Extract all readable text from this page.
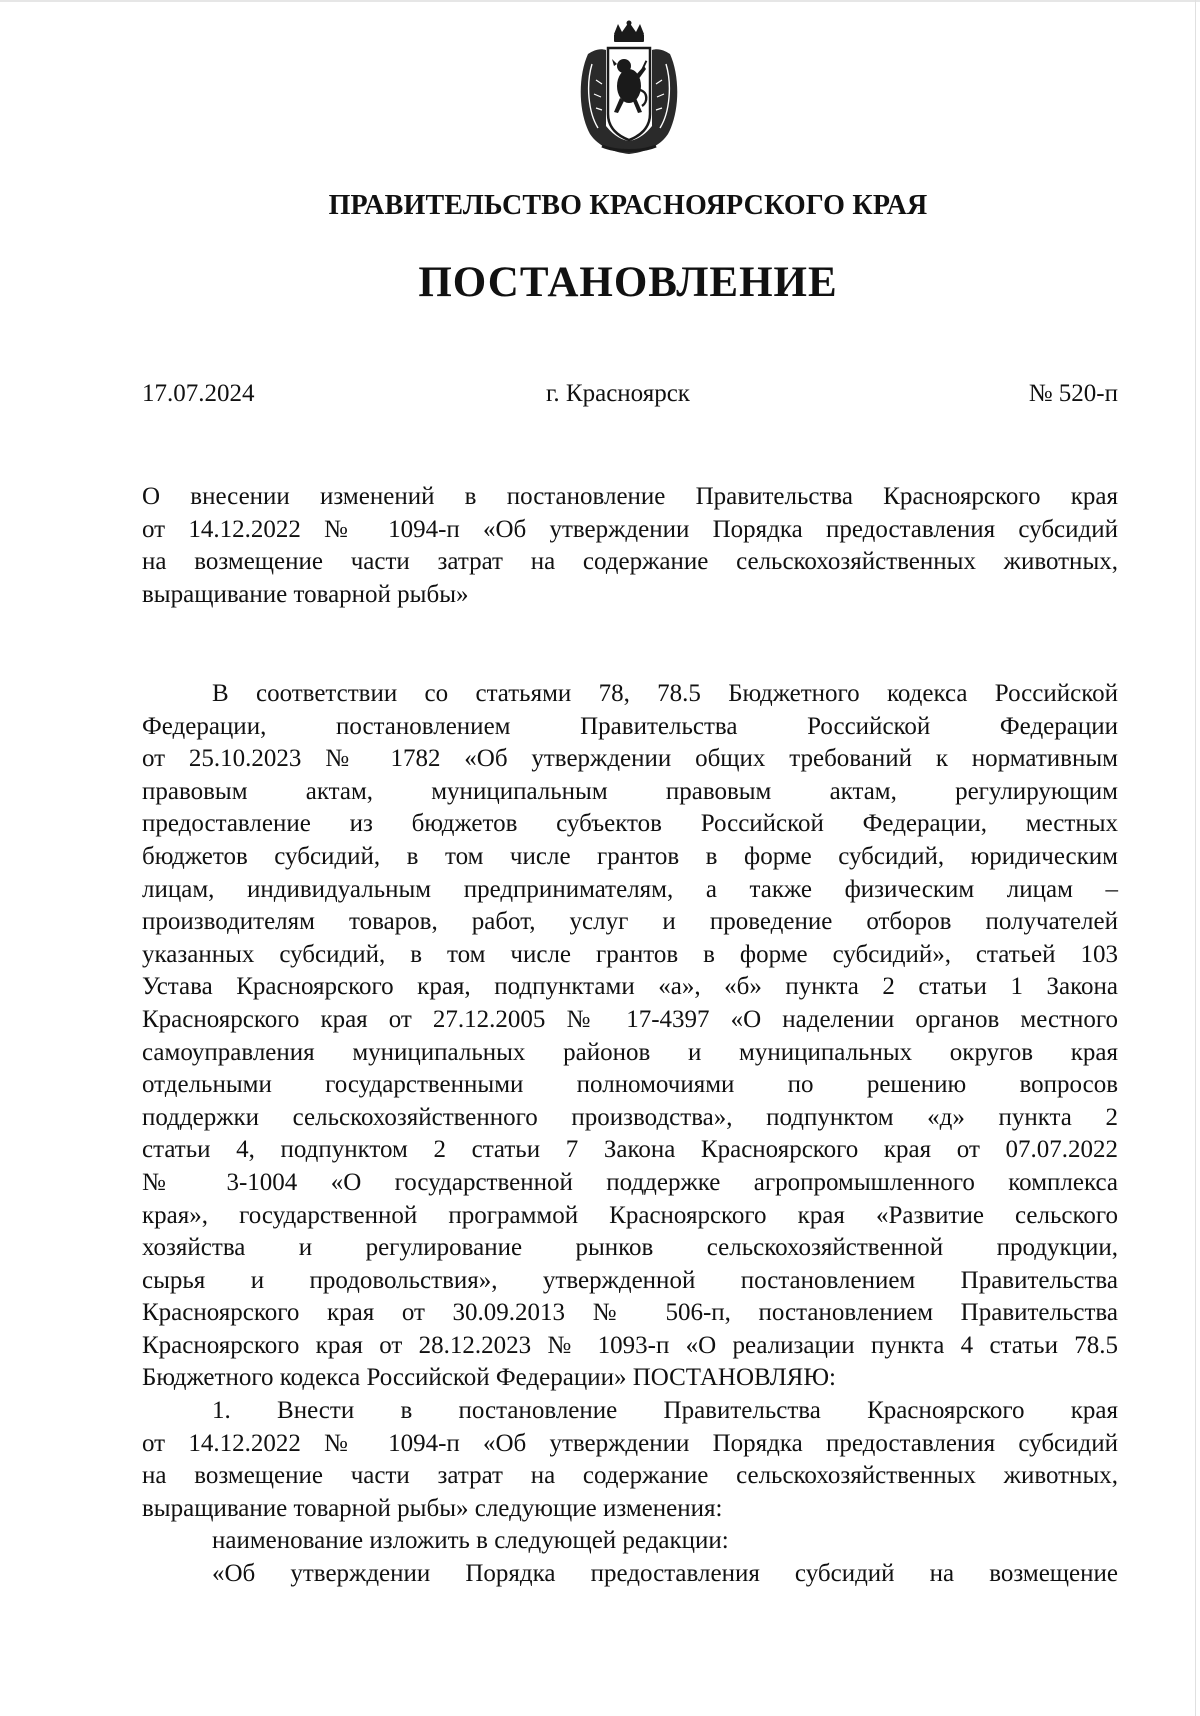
ПРАВИТЕЛЬСТВО КРАСНОЯРСКОГО КРАЯ
ПОСТАНОВЛЕНИЕ
17.07.2024	г. Красноярск	№ 520-п
О внесении изменений в постановление Правительства Красноярского края
от 14.12.2022 № 1094-п «Об утверждении Порядка предоставления субсидий
на возмещение части затрат на содержание сельскохозяйственных животных,
выращивание товарной рыбы»
В соответствии со статьями 78, 78.5 Бюджетного кодекса Российской
Федерации, постановлением Правительства Российской Федерации
от 25.10.2023 № 1782 «Об утверждении общих требований к нормативным
правовым актам, муниципальным правовым актам, регулирующим
предоставление из бюджетов субъектов Российской Федерации, местных
бюджетов субсидий, в том числе грантов в форме субсидий, юридическим
лицам, индивидуальным предпринимателям, а также физическим лицам –
производителям товаров, работ, услуг и проведение отборов получателей
указанных субсидий, в том числе грантов в форме субсидий», статьей 103
Устава Красноярского края, подпунктами «а», «б» пункта 2 статьи 1 Закона
Красноярского края от 27.12.2005 № 17-4397 «О наделении органов местного
самоуправления муниципальных районов и муниципальных округов края
отдельными государственными полномочиями по решению вопросов
поддержки сельскохозяйственного производства», подпунктом «д» пункта 2
статьи 4, подпунктом 2 статьи 7 Закона Красноярского края от 07.07.2022
№ 3-1004 «О государственной поддержке агропромышленного комплекса
края», государственной программой Красноярского края «Развитие сельского
хозяйства и регулирование рынков сельскохозяйственной продукции,
сырья и продовольствия», утвержденной постановлением Правительства
Красноярского края от 30.09.2013 № 506-п, постановлением Правительства
Красноярского края от 28.12.2023 № 1093-п «О реализации пункта 4 статьи 78.5
Бюджетного кодекса Российской Федерации» ПОСТАНОВЛЯЮ:
1. Внести в постановление Правительства Красноярского края
от 14.12.2022 № 1094-п «Об утверждении Порядка предоставления субсидий
на возмещение части затрат на содержание сельскохозяйственных животных,
выращивание товарной рыбы» следующие изменения:
наименование изложить в следующей редакции:
«Об утверждении Порядка предоставления субсидий на возмещение
